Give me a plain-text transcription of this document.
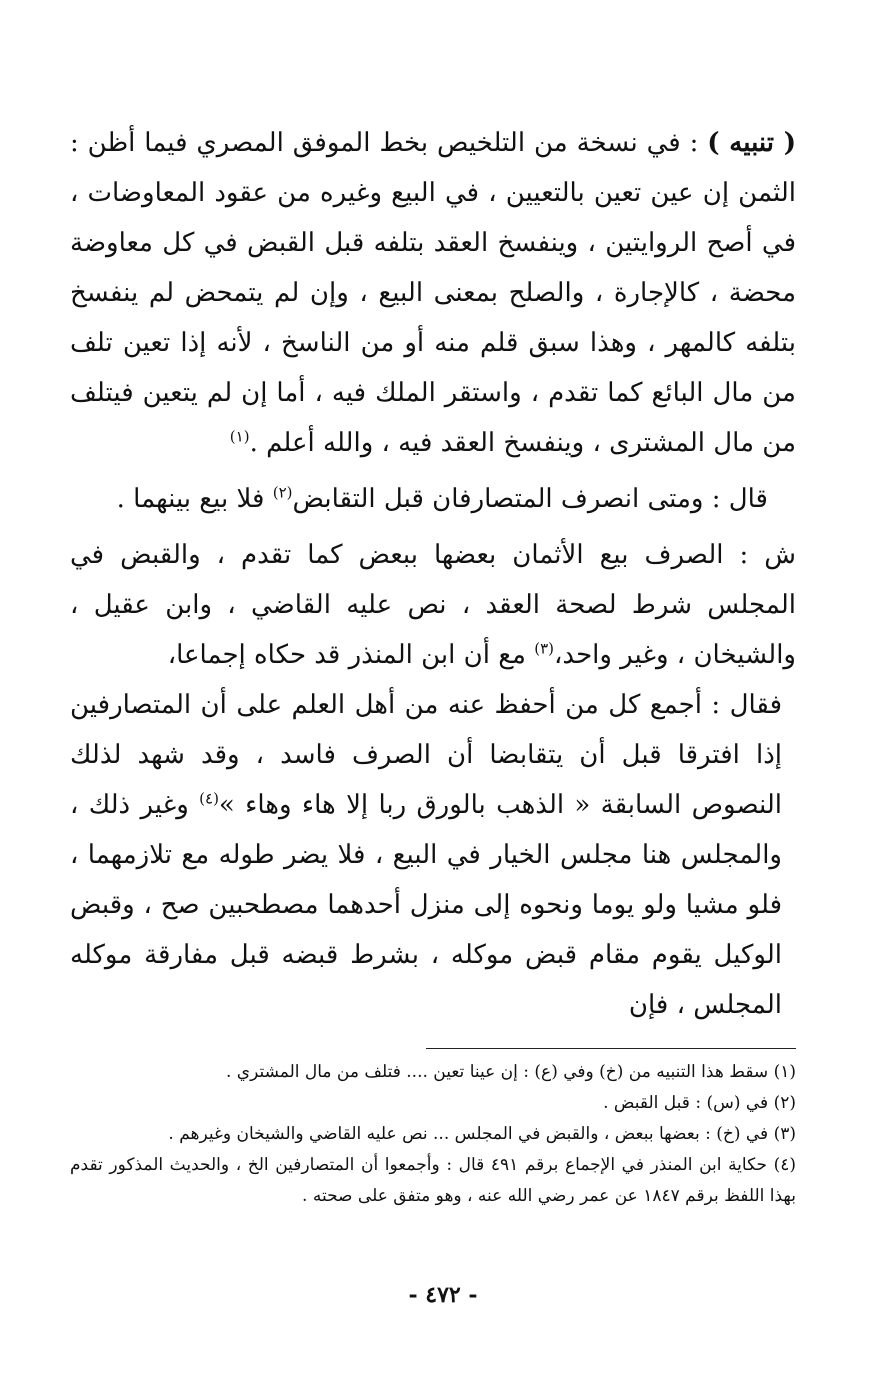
( تنبيه ) : في نسخة من التلخيص بخط الموفق المصري فيما أظن : الثمن إن عين تعين بالتعيين ، في البيع وغيره من عقود المعاوضات ، في أصح الروايتين ، وينفسخ العقد بتلفه قبل القبض في كل معاوضة محضة ، كالإجارة ، والصلح بمعنى البيع ، وإن لم يتمحض لم ينفسخ بتلفه كالمهر ، وهذا سبق قلم منه أو من الناسخ ، لأنه إذا تعين تلف من مال البائع كما تقدم ، واستقر الملك فيه ، أما إن لم يتعين فيتلف من مال المشترى ، وينفسخ العقد فيه ، والله أعلم .$^{(١)}$

قال : ومتى انصرف المتصارفان قبل التقابض$^{(٢)}$ فلا بيع بينهما .

ش : الصرف بيع الأثمان بعضها ببعض كما تقدم ، والقبض في المجلس شرط لصحة العقد ، نص عليه القاضي ، وابن عقيل ، والشيخان ، وغير واحد،$^{(٣)}$ مع أن ابن المنذر قد حكاه إجماعا،

فقال : أجمع كل من أحفظ عنه من أهل العلم على أن المتصارفين إذا افترقا قبل أن يتقابضا أن الصرف فاسد ، وقد شهد لذلك النصوص السابقة « الذهب بالورق ربا إلا هاء وهاء »$^{(٤)}$ وغير ذلك ، والمجلس هنا مجلس الخيار في البيع ، فلا يضر طوله مع تلازمهما ، فلو مشيا ولو يوما ونحوه إلى منزل أحدهما مصطحبين صح ، وقبض الوكيل يقوم مقام قبض موكله ، بشرط قبضه قبل مفارقة موكله المجلس ، فإن

(١) سقط هذا التنبيه من (خ) وفي (ع) : إن عينا تعين .... فتلف من مال المشتري .

(٢) في (س) : قبل القبض .

(٣) في (خ) : بعضها ببعض ، والقبض في المجلس ... نص عليه القاضي والشيخان وغيرهم .

(٤) حكاية ابن المنذر في الإجماع برقم ٤٩١ قال : وأجمعوا أن المتصارفين الخ ، والحديث المذكور تقدم بهذا اللفظ برقم ١٨٤٧ عن عمر رضي الله عنه ، وهو متفق على صحته .

- ٤٧٢ -
